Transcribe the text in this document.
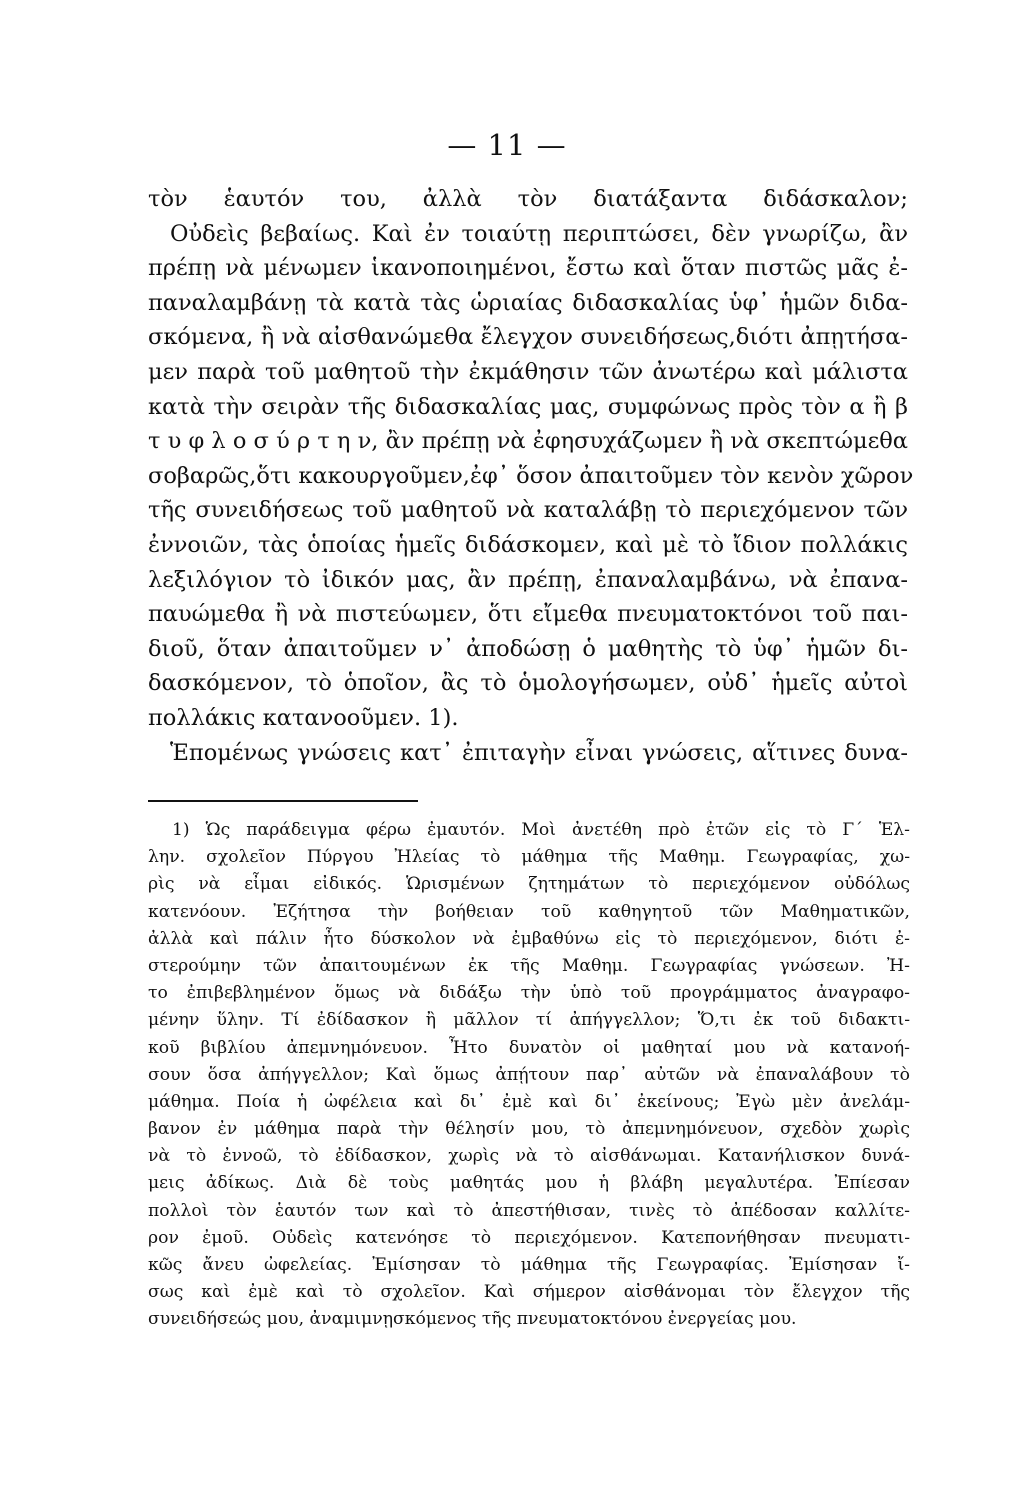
— 11 —
τὸν ἑαυτόν του, ἀλλὰ τὸν διατάξαντα διδάσκαλον;
Οὐδεὶς βεβαίως. Καὶ ἐν τοιαύτῃ περιπτώσει, δὲν γνωρίζω, ἂν
πρέπῃ νὰ μένωμεν ἱκανοποιημένοι, ἔστω καὶ ὅταν πιστῶς μᾶς ἐ-
παναλαμβάνῃ τὰ κατὰ τὰς ὡριαίας διδασκαλίας ὑφ᾽ ἡμῶν διδα-
σκόμενα, ἢ νὰ αἰσθανώμεθα ἔλεγχον συνειδήσεως,διότι ἀπῃτήσα-
μεν παρὰ τοῦ μαθητοῦ τὴν ἐκμάθησιν τῶν ἀνωτέρω καὶ μάλιστα
κατὰ τὴν σειρὰν τῆς διδασκαλίας μας, συμφώνως πρὸς τὸν α ἢ β
τ υ φ λ ο σ ύ ρ τ η ν, ἂν πρέπῃ νὰ ἐφησυχάζωμεν ἢ νὰ σκεπτώμεθα
σοβαρῶς,ὅτι κακουργοῦμεν,ἐφ᾽ ὅσον ἀπαιτοῦμεν τὸν κενὸν χῶρον
τῆς συνειδήσεως τοῦ μαθητοῦ νὰ καταλάβῃ τὸ περιεχόμενον τῶν
ἐννοιῶν, τὰς ὁποίας ἡμεῖς διδάσκομεν, καὶ μὲ τὸ ἴδιον πολλάκις
λεξιλόγιον τὸ ἰδικόν μας, ἂν πρέπῃ, ἐπαναλαμβάνω, νὰ ἐπανα-
παυώμεθα ἢ νὰ πιστεύωμεν, ὅτι εἴμεθα πνευματοκτόνοι τοῦ παι-
διοῦ, ὅταν ἀπαιτοῦμεν ν᾽ ἀποδώσῃ ὁ μαθητὴς τὸ ὑφ᾽ ἡμῶν δι-
δασκόμενον, τὸ ὁποῖον, ἂς τὸ ὁμολογήσωμεν, οὐδ᾽ ἡμεῖς αὐτοὶ
πολλάκις κατανοοῦμεν. 1).
Ἑπομένως γνώσεις κατ᾽ ἐπιταγὴν εἶναι γνώσεις, αἵτινες δυνα-
1) Ὡς παράδειγμα φέρω ἐμαυτόν. Μοὶ ἀνετέθη πρὸ ἐτῶν εἰς τὸ Γ΄ Ἑλ-
λην. σχολεῖον Πύργου Ἠλείας τὸ μάθημα τῆς Μαθημ. Γεωγραφίας, χω-
ρὶς νὰ εἶμαι εἰδικός. Ὡρισμένων ζητημάτων τὸ περιεχόμενον οὐδόλως
κατενόουν. Ἐζήτησα τὴν βοήθειαν τοῦ καθηγητοῦ τῶν Μαθηματικῶν,
ἀλλὰ καὶ πάλιν ἦτο δύσκολον νὰ ἐμβαθύνω εἰς τὸ περιεχόμενον, διότι ἐ-
στερούμην τῶν ἀπαιτουμένων ἐκ τῆς Μαθημ. Γεωγραφίας γνώσεων. Ἠ-
το ἐπιβεβλημένον ὅμως νὰ διδάξω τὴν ὑπὸ τοῦ προγράμματος ἀναγραφο-
μένην ὕλην. Τί ἐδίδασκον ἢ μᾶλλον τί ἀπήγγελλον; Ὅ,τι ἐκ τοῦ διδακτι-
κοῦ βιβλίου ἀπεμνημόνευον. Ἦτο δυνατὸν οἱ μαθηταί μου νὰ κατανοή-
σουν ὅσα ἀπήγγελλον; Καὶ ὅμως ἀπῄτουν παρ᾽ αὐτῶν νὰ ἐπαναλάβουν τὸ
μάθημα. Ποία ἡ ὠφέλεια καὶ δι᾽ ἐμὲ καὶ δι᾽ ἐκείνους; Ἐγὼ μὲν ἀνελάμ-
βανον ἐν μάθημα παρὰ τὴν θέλησίν μου, τὸ ἀπεμνημόνευον, σχεδὸν χωρὶς
νὰ τὸ ἐννοῶ, τὸ ἐδίδασκον, χωρὶς νὰ τὸ αἰσθάνωμαι. Κατανήλισκον δυνά-
μεις ἀδίκως. Διὰ δὲ τοὺς μαθητάς μου ἡ βλάβη μεγαλυτέρα. Ἐπίεσαν
πολλοὶ τὸν ἑαυτόν των καὶ τὸ ἀπεστήθισαν, τινὲς τὸ ἀπέδοσαν καλλίτε-
ρον ἐμοῦ. Οὐδεὶς κατενόησε τὸ περιεχόμενον. Κατεπονήθησαν πνευματι-
κῶς ἄνευ ὠφελείας. Ἐμίσησαν τὸ μάθημα τῆς Γεωγραφίας. Ἐμίσησαν ἴ-
σως καὶ ἐμὲ καὶ τὸ σχολεῖον. Καὶ σήμερον αἰσθάνομαι τὸν ἔλεγχον τῆς
συνειδήσεώς μου, ἀναμιμνῃσκόμενος τῆς πνευματοκτόνου ἐνεργείας μου.
